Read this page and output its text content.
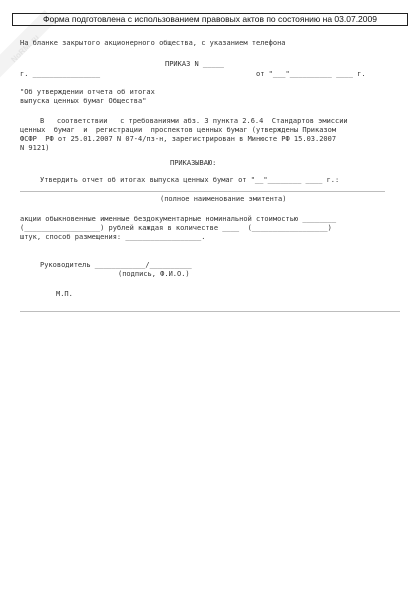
NoRM. ru
Форма подготовлена с использованием правовых актов по состоянию на 03.07.2009
На бланке закрытого акционерного общества, с указанием телефона
ПРИКАЗ N _____
г. ________________	от "___"__________ ____ г.
"Об утверждении отчета об итогах
выпуска ценных бумаг Общества"
В   соответствии   с требованиями абз. 3 пункта 2.6.4  Стандартов эмиссии
ценных  бумаг  и  регистрации  проспектов ценных бумаг (утверждены Приказом
ФСФР  РФ от 25.01.2007 N 07-4/пз-н, зарегистрирован в Минюсте РФ 15.03.2007
N 9121)
ПРИКАЗЫВАЮ:
Утвердить отчет об итогах выпуска ценных бумаг от "__"________ ____ г.:
(полное наименование эмитента)
акции обыкновенные именные бездокументарные номинальной стоимостью ________
(__________________) рублей каждая в количестве ____  (__________________)
штук, способ размещения: __________________.
Руководитель ____________/__________
(подпись, Ф.И.О.)
М.П.
